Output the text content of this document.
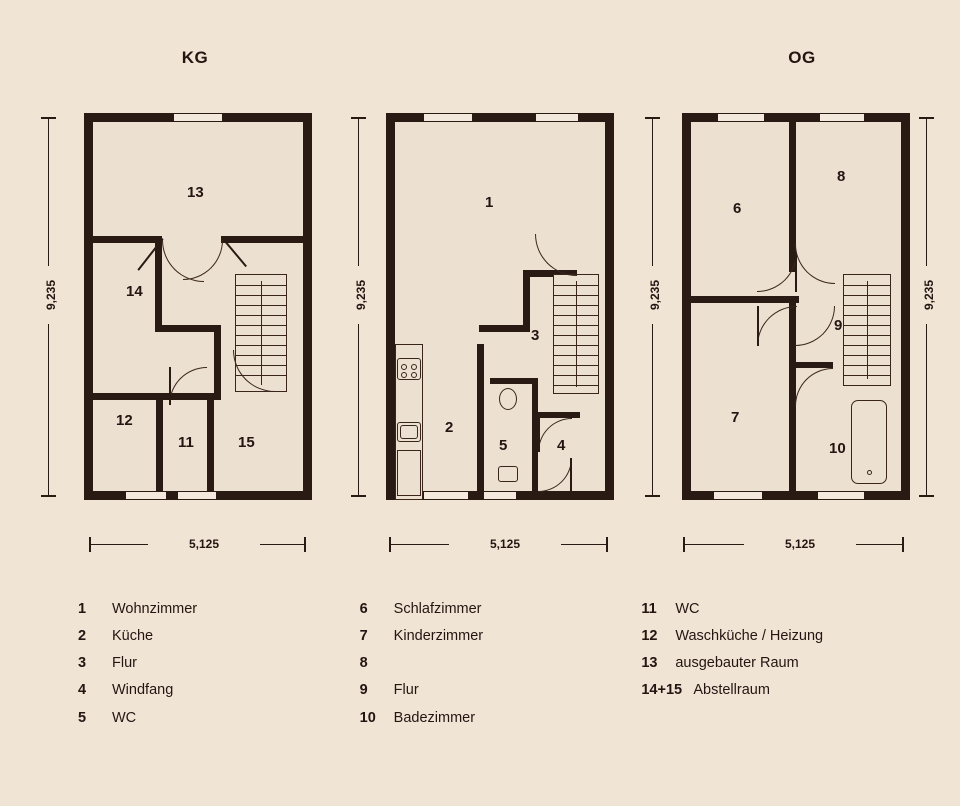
KG	OG
13
14
12
11	15
1
3
2
5	4
6
8
9
7
10
9,235	9,235	9,235	9,235
5,125	5,125	5,125
1	Wohnzimmer
2	Küche
3	Flur
4	Windfang
5	WC
6	Schlafzimmer
7	Kinderzimmer
8
9	Flur
10	Badezimmer
11	WC
12	Waschküche / Heizung
13	ausgebauter Raum
14+15 Abstellraum
